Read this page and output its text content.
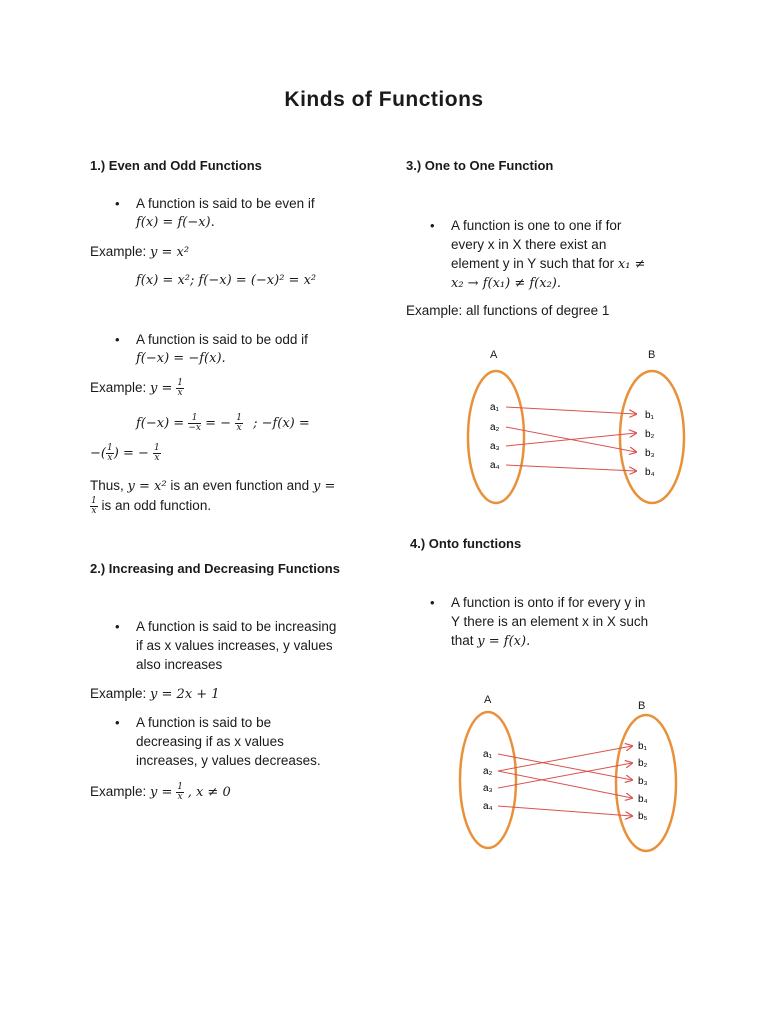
Kinds of Functions
1.) Even and Odd Functions
• A function is said to be even if
f(x) = f(−x).
Example: y = x²
f(x) = x²; f(−x) = (−x)² = x²
• A function is said to be odd if
f(−x) = −f(x).
Example: $y = \frac{1}{x}$
$f(-x) = \frac{1}{-x}$ = − $\frac{1}{x}$ ; −f(x) =
−( $\frac{1}{x}$ ) = − $\frac{1}{x}$
Thus, y = x² is an even function and y =

$\frac{1}{x}$ is an odd function.
2.) Increasing and Decreasing Functions
• A function is said to be increasing
if as x values increases, y values
also increases
Example: y = 2x + 1
• A function is said to be
decreasing if as x values
increases, y values decreases.
Example: $y = \frac{1}{x}$ , x ≠ 0
3.) One to One Function
• A function is one to one if for
every x in X there exist an
element y in Y such that for x₁ ≠
x₂ → f(x₁) ≠ f(x₂).
Example: all functions of degree 1
A	B
a₁
a₂
a₃
a₄
b₁
b₂
b₃
b₄
4.) Onto functions
• A function is onto if for every y in
Y there is an element x in X such
that y = f(x).
A	B
a₁
a₂
a₃
a₄
b₁
b₂
b₃
b₄
b₅
